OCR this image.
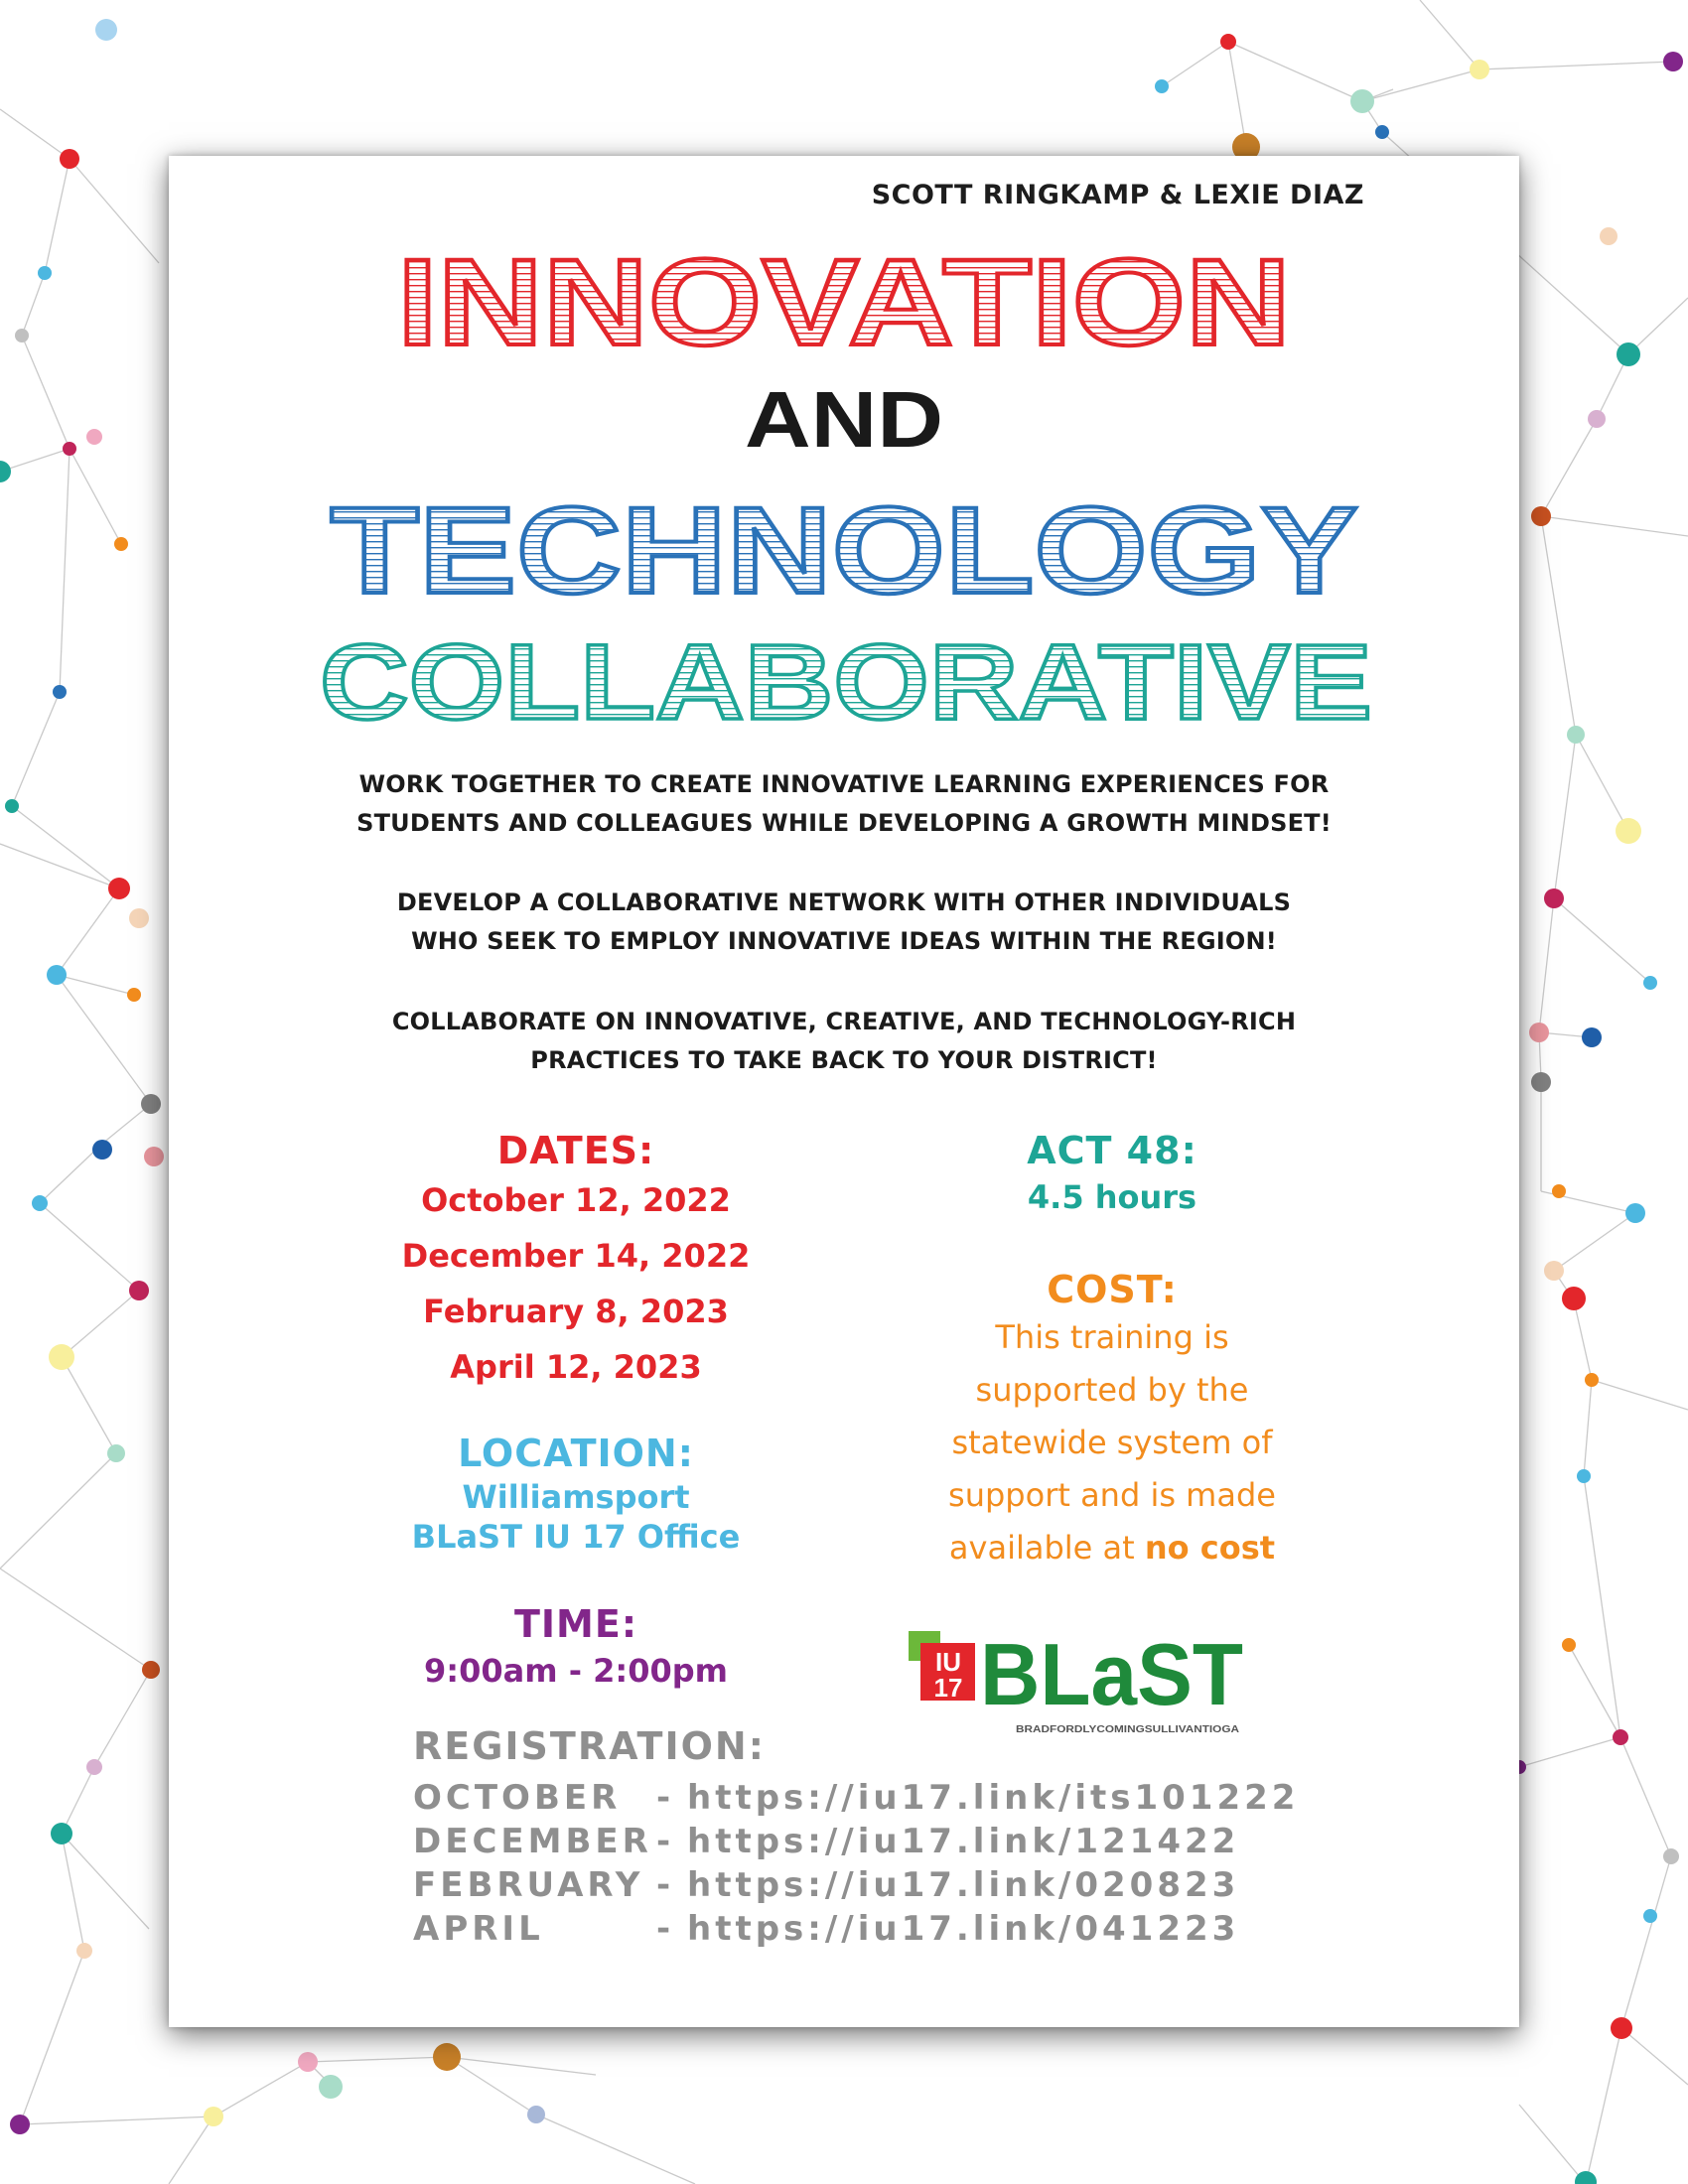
SCOTT RINGKAMP & LEXIE DIAZ
INNOVATION
AND
TECHNOLOGY
COLLABORATIVE
WORK TOGETHER TO CREATE INNOVATIVE LEARNING EXPERIENCES FOR
STUDENTS AND COLLEAGUES WHILE DEVELOPING A GROWTH MINDSET!
DEVELOP A COLLABORATIVE NETWORK WITH OTHER INDIVIDUALS
WHO SEEK TO EMPLOY INNOVATIVE IDEAS WITHIN THE REGION!
COLLABORATE ON INNOVATIVE, CREATIVE, AND TECHNOLOGY-RICH
PRACTICES TO TAKE BACK TO YOUR DISTRICT!
DATES:
October 12, 2022
December 14, 2022
February 8, 2023
April 12, 2023
LOCATION:
Williamsport
BLaST IU 17 Office
TIME:
9:00am - 2:00pm
ACT 48:
4.5 hours
COST:
This training is
supported by the
statewide system of
support and is made
available at no cost
IU
17 BLaST
BRADFORDLYCOMINGSULLIVANTIOGA
REGISTRATION:
OCTOBER	- https://iu17.link/its101222
DECEMBER - https://iu17.link/121422
FEBRUARY - https://iu17.link/020823
APRIL	- https://iu17.link/041223
